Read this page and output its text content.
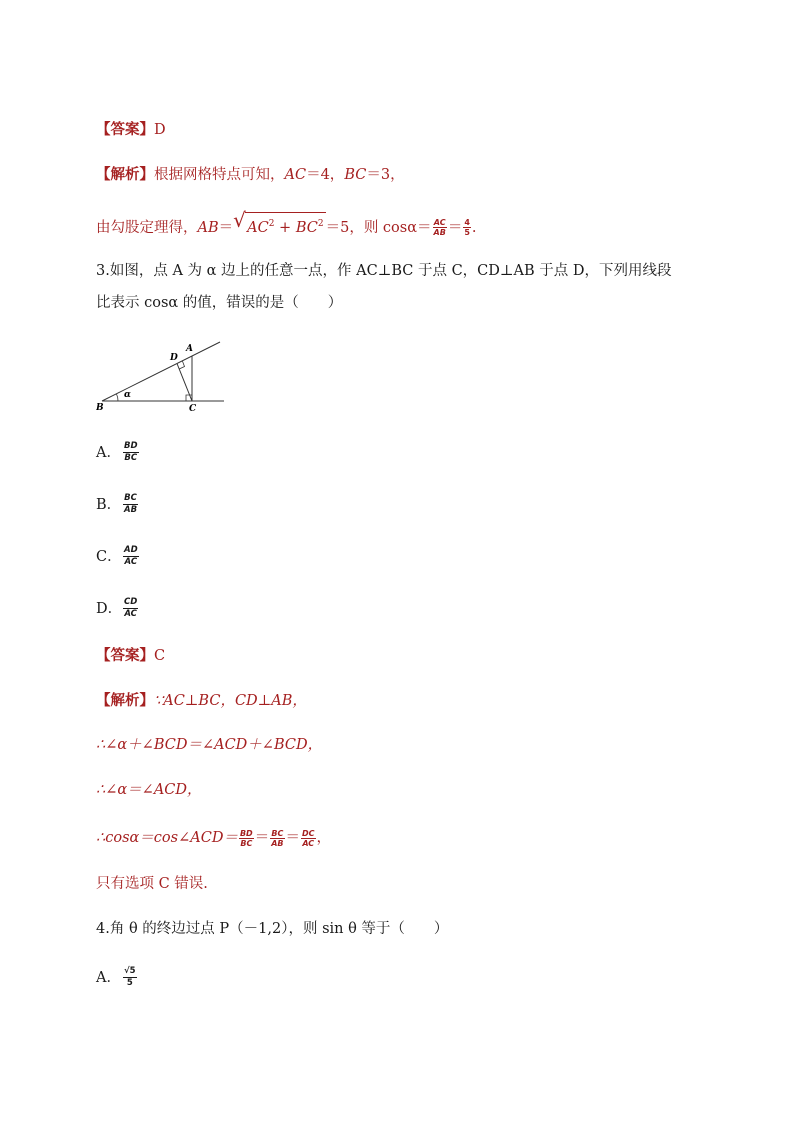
【答案】D
【解析】根据网格特点可知，AC＝4，BC＝3，
由勾股定理得，AB＝ √ $AC^2 + BC^2 =5$，则 $\cos\alpha= \frac{AC}{AB} = \frac{4}{5}$ .
3.如图，点 A 为 α 边上的任意一点，作 AC⊥BC 于点 C，CD⊥AB 于点 D，下列用线段
比表示 cosα 的值，错误的是（　　）
B	C
A
D
α
A． $\frac{BD}{BC}$
B． $\frac{BC}{AB}$
C． $\frac{AD}{AC}$
D． $\frac{CD}{AC}$
【答案】C
【解析】∵AC⊥BC，CD⊥AB，
∴∠α＋∠BCD＝∠ACD＋∠BCD，
∴∠α＝∠ACD，
∴cosα＝cos∠ACD＝ $\frac{BD}{BC} = \frac{BC}{AB} = \frac{DC}{AC}$ ，
只有选项 C 错误.
4.角 θ 的终边过点 P（－1,2），则 sin θ 等于（　　）
A． $\frac{√5}{5}$
